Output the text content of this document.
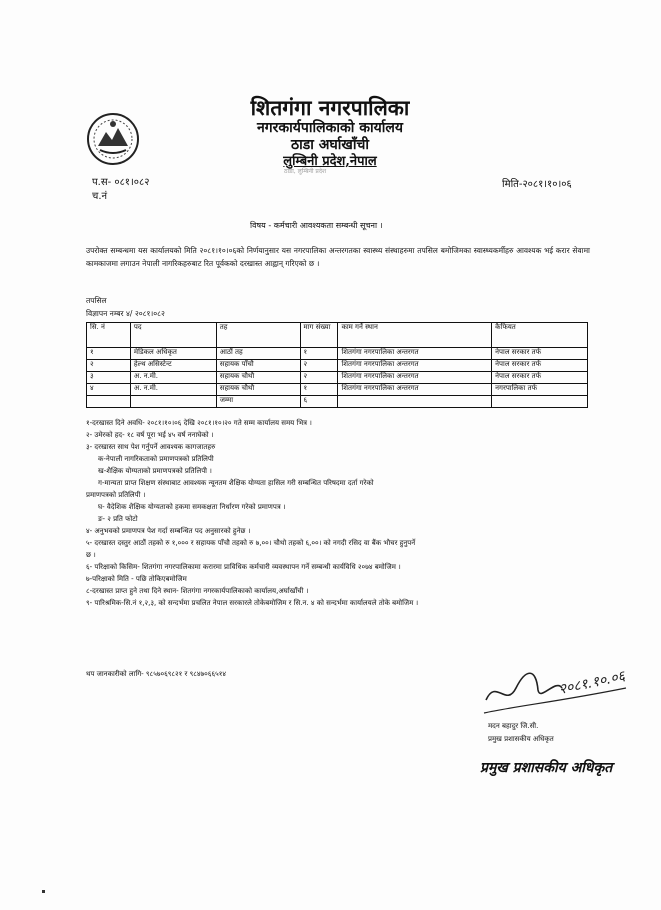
शितगंगा नगरपालिका
नगरकार्यपालिकाको कार्यालय
ठाडा अर्घाखाँची
लुम्बिनी प्रदेश,नेपाल
ठाडा, लुम्बिनी प्रदेश
प.स- ०८१।०८२
च.नं
मिति-२०८१।१०।०६
विषय - कर्मचारी आवश्यकता सम्बन्धी सूचना ।
उपरोक्त सम्बन्धमा यस कार्यालयको मिति २०८१।१०।०६को निर्णयानुसार यस नगरपालिका अन्तरगतका स्वास्थ्य संस्थाहरुमा तपसिल बमोजिमका स्वास्थ्यकर्मीहरु आवश्यक भई करार सेवामा कामकाजमा लगाउन नेपाली नागरिकहरुबाट रित पूर्वकको दरखास्त आह्वान् गरिएको छ ।
तपसिल
विज्ञापन नम्बर ४/ २०८१।०८२
सि. नं	पद	तह	माग संख्या	काम गर्ने स्थान	कैफियत
१	मेडिकल अधिकृत	आठौं तह	१	शितगंगा नगरपालिका अन्तरगत	नेपाल सरकार तर्फ
२	हेल्थ असिस्टेन्ट	सहायक पाँचौ	२	शितगंगा नगरपालिका अन्तरगत	नेपाल सरकार तर्फ
३	अ. न.मी.	सहायक चौथौ	२	शितगंगा नगरपालिका अन्तरगत	नेपाल सरकार तर्फ
४	अ. न.मी.	सहायक चौथौ	१	शितगंगा नगरपालिका अन्तरगत	नगरपालिका तर्फ
		जम्मा	६		
१-दरखास्त दिने अवधि- २०८१।१०।०६ देखि २०८१।१०।२० गते सम्म कार्यालय समय भित्र ।
२- उमेरको हद- १८ वर्ष पूरा भई ४५ वर्ष ननाघेको ।
३- दरखास्त साथ पेश गर्नुपर्ने आवश्यक कागजातहरु
क-नेपाली नागरिकताको प्रमाणपत्रको प्रतिलिपी
ख-शैक्षिक योग्यताको प्रमाणपत्रको प्रतिलिपी ।
ग-मान्यता प्राप्त शिक्षण संस्थाबाट आवश्यक न्यूनतम शैक्षिक योग्यता हासिल गरी सम्बन्धित परिषदमा दर्ता गरेको
प्रमाणपत्रको प्रतिलिपी ।
घ- वैदेशिक शैक्षिक योग्यताको हकमा समकक्षता निर्धारण गरेको प्रमाणपत्र ।
ङ- २ प्रति फोटो
४- अनुभवको प्रमाणपत्र पेश गर्दा सम्बन्धित पद अनुसारको हुनेछ ।
५- दरखास्त दस्तुर आठौं तहको रु १,००० र सहायक पाँचौ तहको रु ७,००। चौथो तहको ६,००। को नगदी रसिद वा बैंक भौचर हुनुपर्ने
छ ।
६- परिक्षाको किसिम- शितगंगा नगरपालिकामा करारमा प्राविधिक कर्मचारी व्यवस्थापन गर्ने सम्बन्धी कार्यविधि २०७४ बमोजिम ।
७-परिक्षाको मिति - पछि तोकिएबमोजिम
८-दरखास्त प्राप्त हुने तथा दिने स्थान- शितगंगा नगरकार्यपालिकाको कार्यालय,अर्घाखाँची ।
९- पारिश्रमिक-सि.नं १,२,३, को सन्दर्भमा प्रचलित नेपाल सरकारले तोकेबमोजिम र सि.न. ४ को सन्दर्भमा कार्यालयले तोके बमोजिम ।
थप जानकारीको लागि- ९८५७०६९८२१ र ९८४७०६६५१४	२०८१.१०.०६
मदन बहादुर जि.सी.
प्रमुख प्रशासकीय अधिकृत
प्रमुख प्रशासकीय अधिकृत
